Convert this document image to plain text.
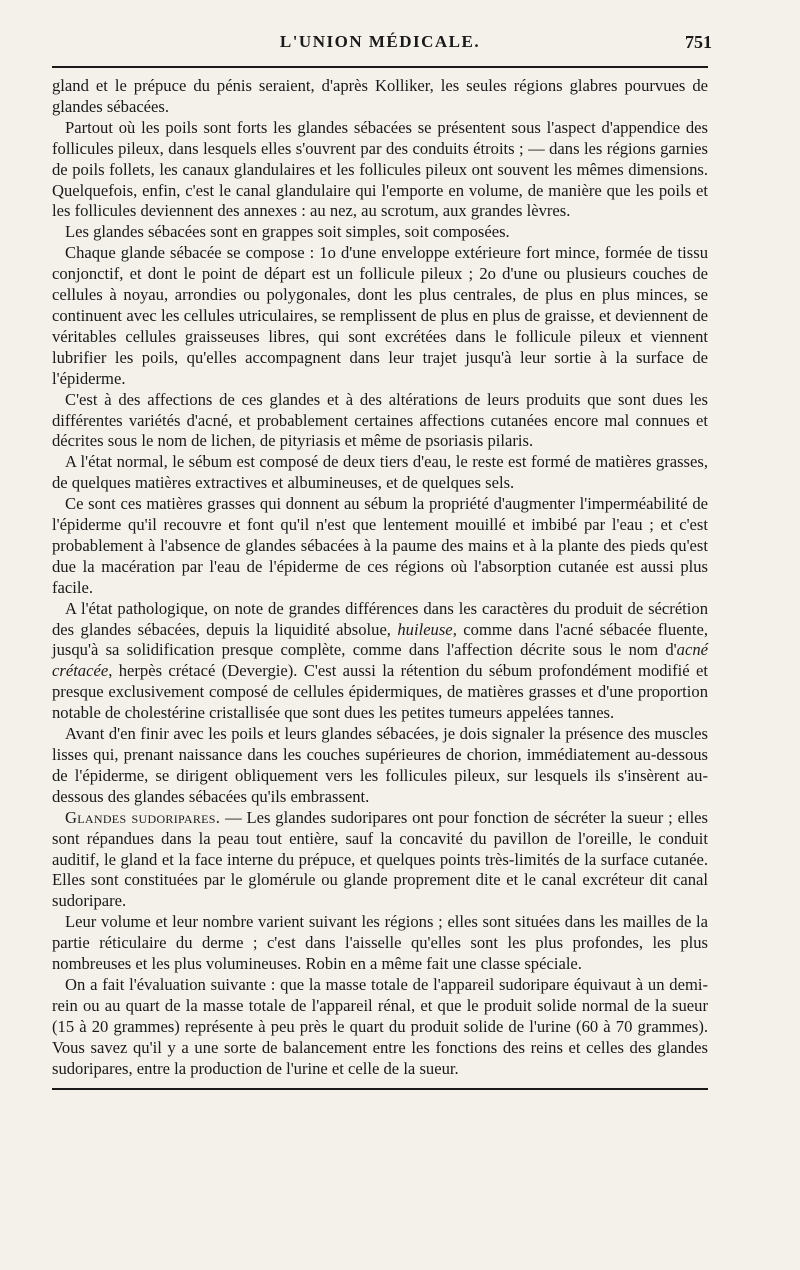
L'UNION MÉDICALE.	751

gland et le prépuce du pénis seraient, d'après Kolliker, les seules régions glabres pourvues de glandes sébacées.

Partout où les poils sont forts les glandes sébacées se présentent sous l'aspect d'appendice des follicules pileux, dans lesquels elles s'ouvrent par des conduits étroits ; — dans les régions garnies de poils follets, les canaux glandulaires et les follicules pileux ont souvent les mêmes dimensions. Quelquefois, enfin, c'est le canal glandulaire qui l'emporte en volume, de manière que les poils et les follicules deviennent des annexes : au nez, au scrotum, aux grandes lèvres.

Les glandes sébacées sont en grappes soit simples, soit composées.

Chaque glande sébacée se compose : 1o d'une enveloppe extérieure fort mince, formée de tissu conjonctif, et dont le point de départ est un follicule pileux ; 2o d'une ou plusieurs couches de cellules à noyau, arrondies ou polygonales, dont les plus centrales, de plus en plus minces, se continuent avec les cellules utriculaires, se remplissent de plus en plus de graisse, et deviennent de véritables cellules graisseuses libres, qui sont excrétées dans le follicule pileux et viennent lubrifier les poils, qu'elles accompagnent dans leur trajet jusqu'à leur sortie à la surface de l'épiderme.

C'est à des affections de ces glandes et à des altérations de leurs produits que sont dues les différentes variétés d'acné, et probablement certaines affections cutanées encore mal connues et décrites sous le nom de lichen, de pityriasis et même de psoriasis pilaris.

A l'état normal, le sébum est composé de deux tiers d'eau, le reste est formé de matières grasses, de quelques matières extractives et albumineuses, et de quelques sels.

Ce sont ces matières grasses qui donnent au sébum la propriété d'augmenter l'imperméabilité de l'épiderme qu'il recouvre et font qu'il n'est que lentement mouillé et imbibé par l'eau ; et c'est probablement à l'absence de glandes sébacées à la paume des mains et à la plante des pieds qu'est due la macération par l'eau de l'épiderme de ces régions où l'absorption cutanée est aussi plus facile.

A l'état pathologique, on note de grandes différences dans les caractères du produit de sécrétion des glandes sébacées, depuis la liquidité absolue, huileuse, comme dans l'acné sébacée fluente, jusqu'à sa solidification presque complète, comme dans l'affection décrite sous le nom d'acné crétacée, herpès crétacé (Devergie). C'est aussi la rétention du sébum profondément modifié et presque exclusivement composé de cellules épidermiques, de matières grasses et d'une proportion notable de cholestérine cristallisée que sont dues les petites tumeurs appelées tannes.

Avant d'en finir avec les poils et leurs glandes sébacées, je dois signaler la présence des muscles lisses qui, prenant naissance dans les couches supérieures de chorion, immédiatement au-dessous de l'épiderme, se dirigent obliquement vers les follicules pileux, sur lesquels ils s'insèrent au-dessous des glandes sébacées qu'ils embrassent.

Glandes sudoripares. — Les glandes sudoripares ont pour fonction de sécréter la sueur ; elles sont répandues dans la peau tout entière, sauf la concavité du pavillon de l'oreille, le conduit auditif, le gland et la face interne du prépuce, et quelques points très-limités de la surface cutanée. Elles sont constituées par le glomérule ou glande proprement dite et le canal excréteur dit canal sudoripare.

Leur volume et leur nombre varient suivant les régions ; elles sont situées dans les mailles de la partie réticulaire du derme ; c'est dans l'aisselle qu'elles sont les plus profondes, les plus nombreuses et les plus volumineuses. Robin en a même fait une classe spéciale.

On a fait l'évaluation suivante : que la masse totale de l'appareil sudoripare équivaut à un demi-rein ou au quart de la masse totale de l'appareil rénal, et que le produit solide normal de la sueur (15 à 20 grammes) représente à peu près le quart du produit solide de l'urine (60 à 70 grammes). Vous savez qu'il y a une sorte de balancement entre les fonctions des reins et celles des glandes sudoripares, entre la production de l'urine et celle de la sueur.
